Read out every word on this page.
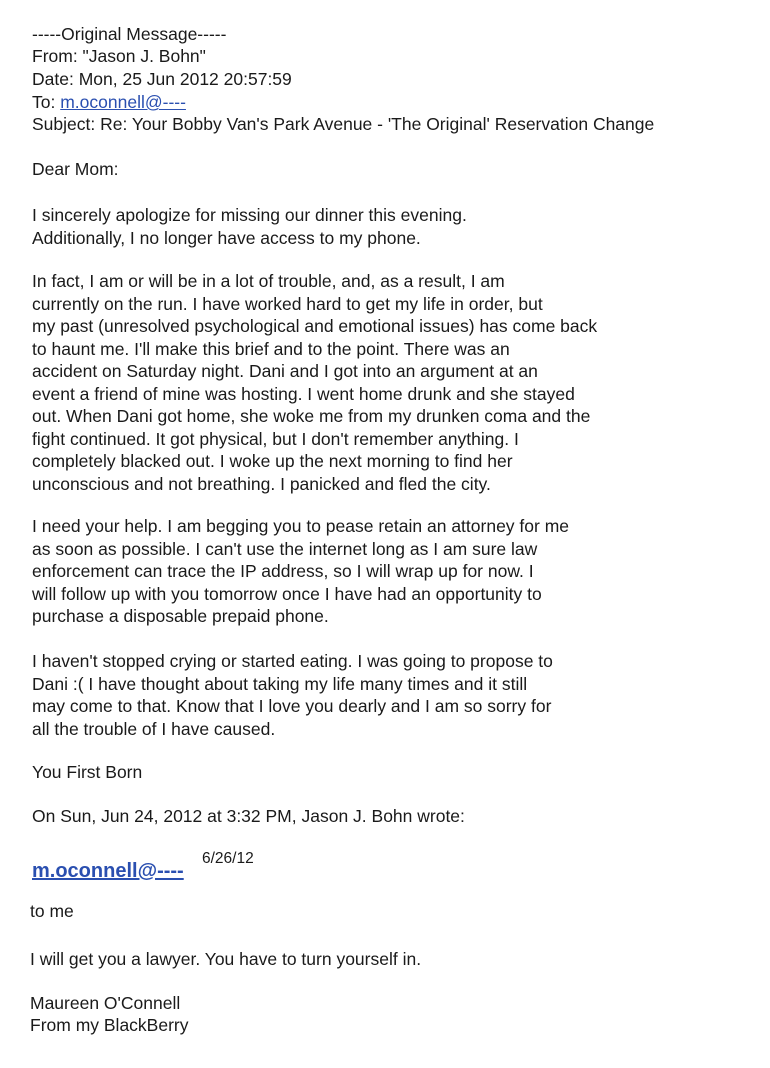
-----Original Message-----
From: "Jason J. Bohn"
Date: Mon, 25 Jun 2012 20:57:59
To: m.oconnell@----
Subject: Re: Your Bobby Van's Park Avenue - 'The Original' Reservation Change
Dear Mom:
I sincerely apologize for missing our dinner this evening.
Additionally, I no longer have access to my phone.
In fact, I am or will be in a lot of trouble, and, as a result, I am
currently on the run. I have worked hard to get my life in order, but
my past (unresolved psychological and emotional issues) has come back
to haunt me. I'll make this brief and to the point. There was an
accident on Saturday night. Dani and I got into an argument at an
event a friend of mine was hosting. I went home drunk and she stayed
out. When Dani got home, she woke me from my drunken coma and the
fight continued. It got physical, but I don't remember anything. I
completely blacked out. I woke up the next morning to find her
unconscious and not breathing. I panicked and fled the city.
I need your help. I am begging you to pease retain an attorney for me
as soon as possible. I can't use the internet long as I am sure law
enforcement can trace the IP address, so I will wrap up for now. I
will follow up with you tomorrow once I have had an opportunity to
purchase a disposable prepaid phone.
I haven't stopped crying or started eating. I was going to propose to
Dani :( I have thought about taking my life many times and it still
may come to that. Know that I love you dearly and I am so sorry for
all the trouble of I have caused.
You First Born
On Sun, Jun 24, 2012 at 3:32 PM, Jason J. Bohn wrote:
m.oconnell@----
6/26/12
to me
I will get you a lawyer. You have to turn yourself in.
Maureen O'Connell
From my BlackBerry
